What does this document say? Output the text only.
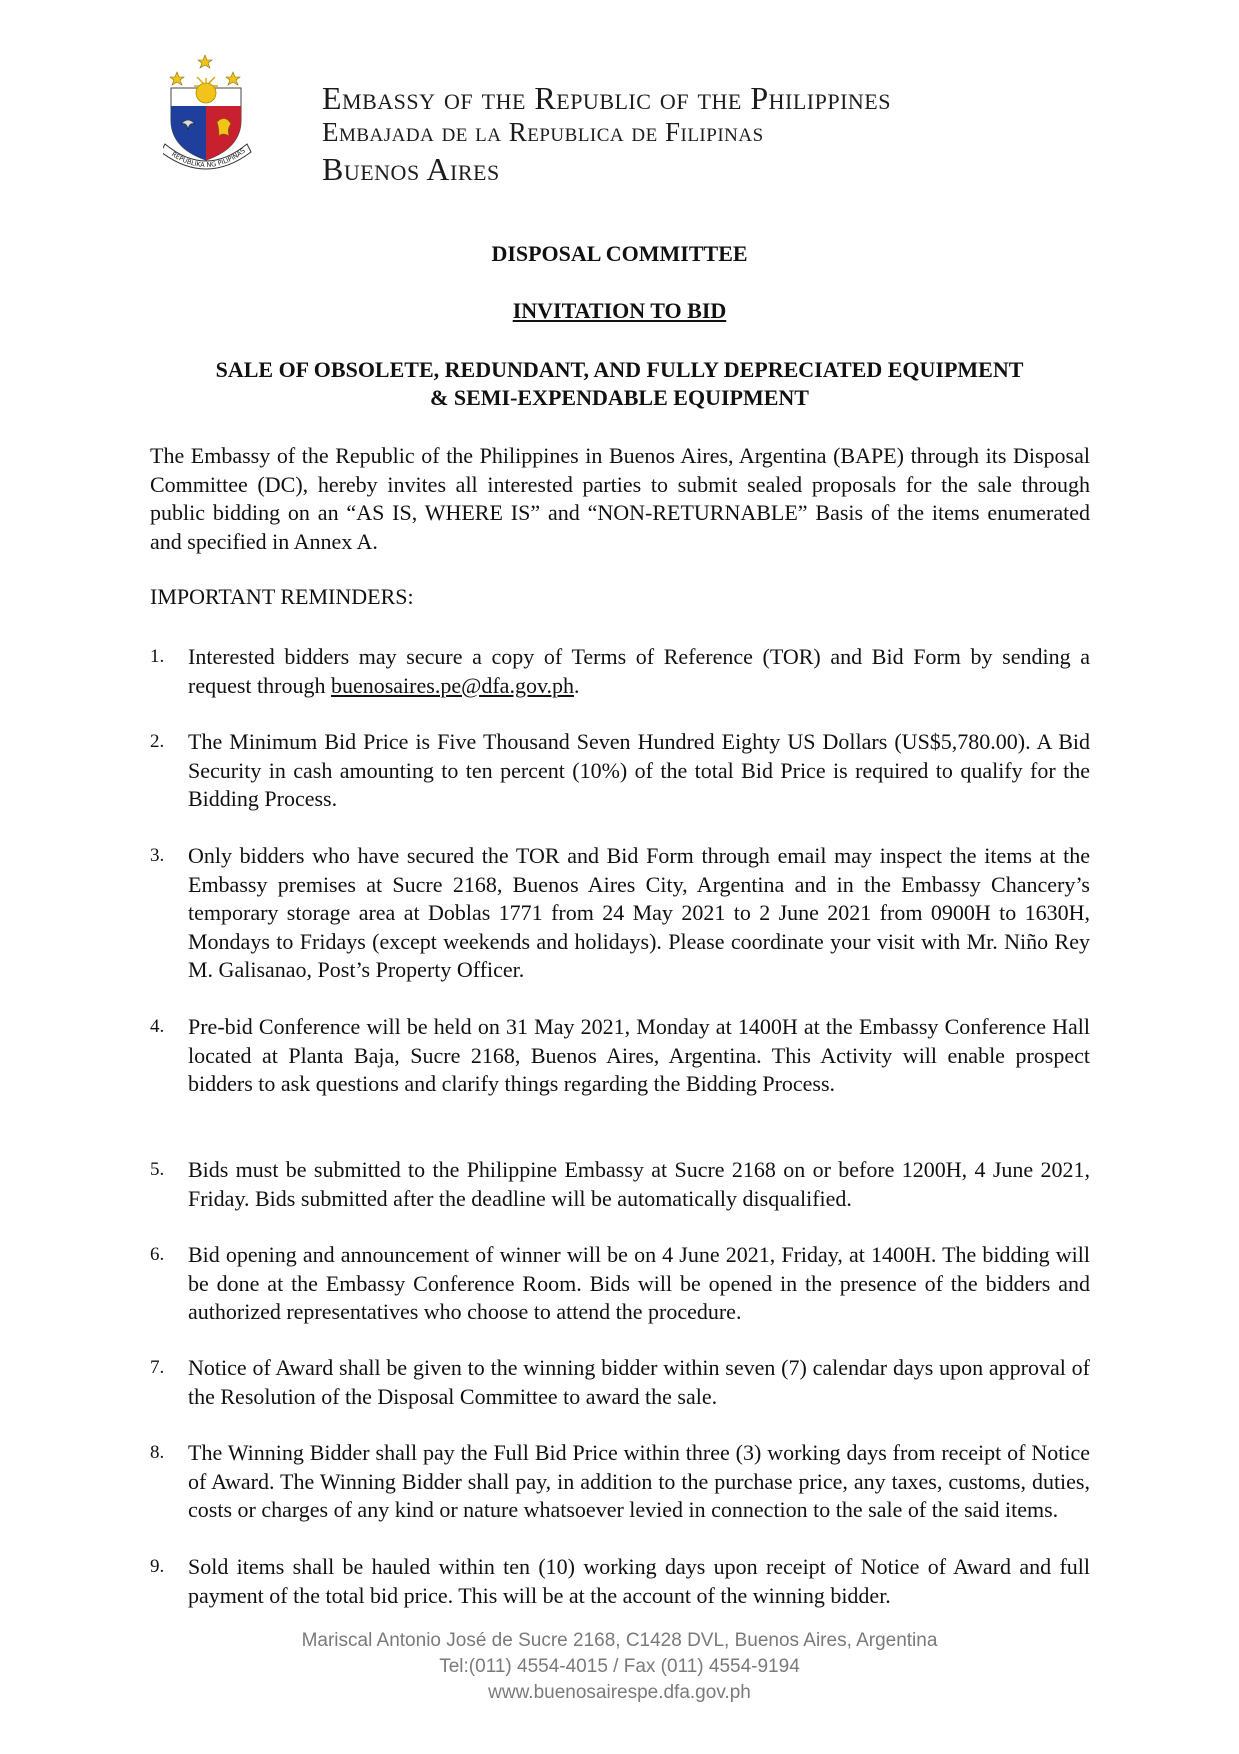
REPUBLIKA NG PILIPINAS
Embassy of the Republic of the Philippines
Embajada de la Republica de Filipinas
Buenos Aires
DISPOSAL COMMITTEE
INVITATION TO BID
SALE OF OBSOLETE, REDUNDANT, AND FULLY DEPRECIATED EQUIPMENT
& SEMI-EXPENDABLE EQUIPMENT
The Embassy of the Republic of the Philippines in Buenos Aires, Argentina (BAPE) through its Disposal Committee (DC), hereby invites all interested parties to submit sealed proposals for the sale through public bidding on an “AS IS, WHERE IS” and “NON-RETURNABLE” Basis of the items enumerated and specified in Annex A.
IMPORTANT REMINDERS:
1.	Interested bidders may secure a copy of Terms of Reference (TOR) and Bid Form by sending a request through buenosaires.pe@dfa.gov.ph.
2.	The Minimum Bid Price is Five Thousand Seven Hundred Eighty US Dollars (US$5,780.00). A Bid Security in cash amounting to ten percent (10%) of the total Bid Price is required to qualify for the Bidding Process.
3.	Only bidders who have secured the TOR and Bid Form through email may inspect the items at the Embassy premises at Sucre 2168, Buenos Aires City, Argentina and in the Embassy Chancery’s temporary storage area at Doblas 1771 from 24 May 2021 to 2 June 2021 from 0900H to 1630H, Mondays to Fridays (except weekends and holidays). Please coordinate your visit with Mr. Niño Rey M. Galisanao, Post’s Property Officer.
4.	Pre-bid Conference will be held on 31 May 2021, Monday at 1400H at the Embassy Conference Hall located at Planta Baja, Sucre 2168, Buenos Aires, Argentina. This Activity will enable prospect bidders to ask questions and clarify things regarding the Bidding Process.
5.	Bids must be submitted to the Philippine Embassy at Sucre 2168 on or before 1200H, 4 June 2021, Friday. Bids submitted after the deadline will be automatically disqualified.
6.	Bid opening and announcement of winner will be on 4 June 2021, Friday, at 1400H. The bidding will be done at the Embassy Conference Room. Bids will be opened in the presence of the bidders and authorized representatives who choose to attend the procedure.
7.	Notice of Award shall be given to the winning bidder within seven (7) calendar days upon approval of the Resolution of the Disposal Committee to award the sale.
8.	The Winning Bidder shall pay the Full Bid Price within three (3) working days from receipt of Notice of Award. The Winning Bidder shall pay, in addition to the purchase price, any taxes, customs, duties, costs or charges of any kind or nature whatsoever levied in connection to the sale of the said items.
9.	Sold items shall be hauled within ten (10) working days upon receipt of Notice of Award and full payment of the total bid price. This will be at the account of the winning bidder.
Mariscal Antonio José de Sucre 2168, C1428 DVL, Buenos Aires, Argentina
Tel:(011) 4554-4015 / Fax (011) 4554-9194
www.buenosairespe.dfa.gov.ph
